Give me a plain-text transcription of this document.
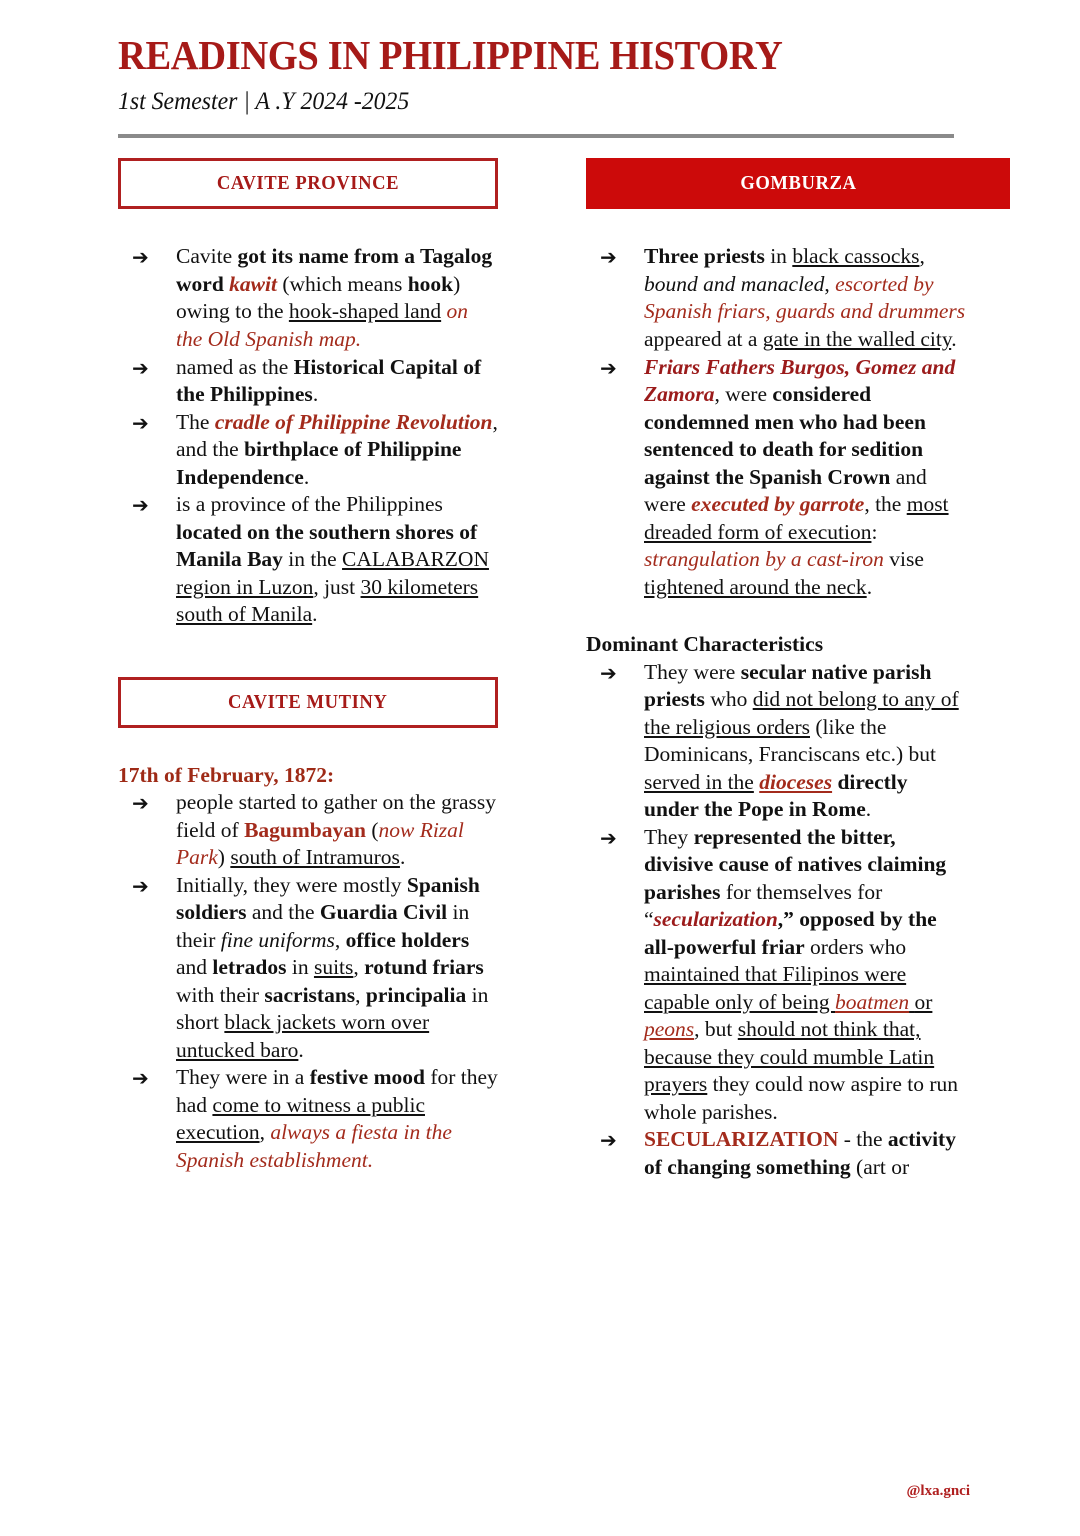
READINGS IN PHILIPPINE HISTORY
1st Semester | A .Y 2024 -2025
CAVITE PROVINCE
➔ Cavite got its name from a Tagalog word kawit (which means hook) owing to the hook-shaped land on the Old Spanish map.
➔ named as the Historical Capital of the Philippines.
➔ The cradle of Philippine Revolution, and the birthplace of Philippine Independence.
➔ is a province of the Philippines located on the southern shores of Manila Bay in the CALABARZON region in Luzon, just 30 kilometers south of Manila.
CAVITE MUTINY
17th of February, 1872:
➔ people started to gather on the grassy field of Bagumbayan (now Rizal Park) south of Intramuros.
➔ Initially, they were mostly Spanish soldiers and the Guardia Civil in their fine uniforms, office holders and letrados in suits, rotund friars with their sacristans, principalia in short black jackets worn over untucked baro.
➔ They were in a festive mood for they had come to witness a public execution, always a fiesta in the Spanish establishment.
GOMBURZA
➔ Three priests in black cassocks, bound and manacled, escorted by Spanish friars, guards and drummers appeared at a gate in the walled city.
➔ Friars Fathers Burgos, Gomez and Zamora, were considered condemned men who had been sentenced to death for sedition against the Spanish Crown and were executed by garrote, the most dreaded form of execution: strangulation by a cast-iron vise tightened around the neck.
Dominant Characteristics
➔ They were secular native parish priests who did not belong to any of the religious orders (like the Dominicans, Franciscans etc.) but served in the dioceses directly under the Pope in Rome.
➔ They represented the bitter, divisive cause of natives claiming parishes for themselves for “secularization,” opposed by the all-powerful friar orders who maintained that Filipinos were capable only of being boatmen or peons, but should not think that, because they could mumble Latin prayers they could now aspire to run whole parishes.
➔ SECULARIZATION - the activity of changing something (art or
@lxa.gnci
